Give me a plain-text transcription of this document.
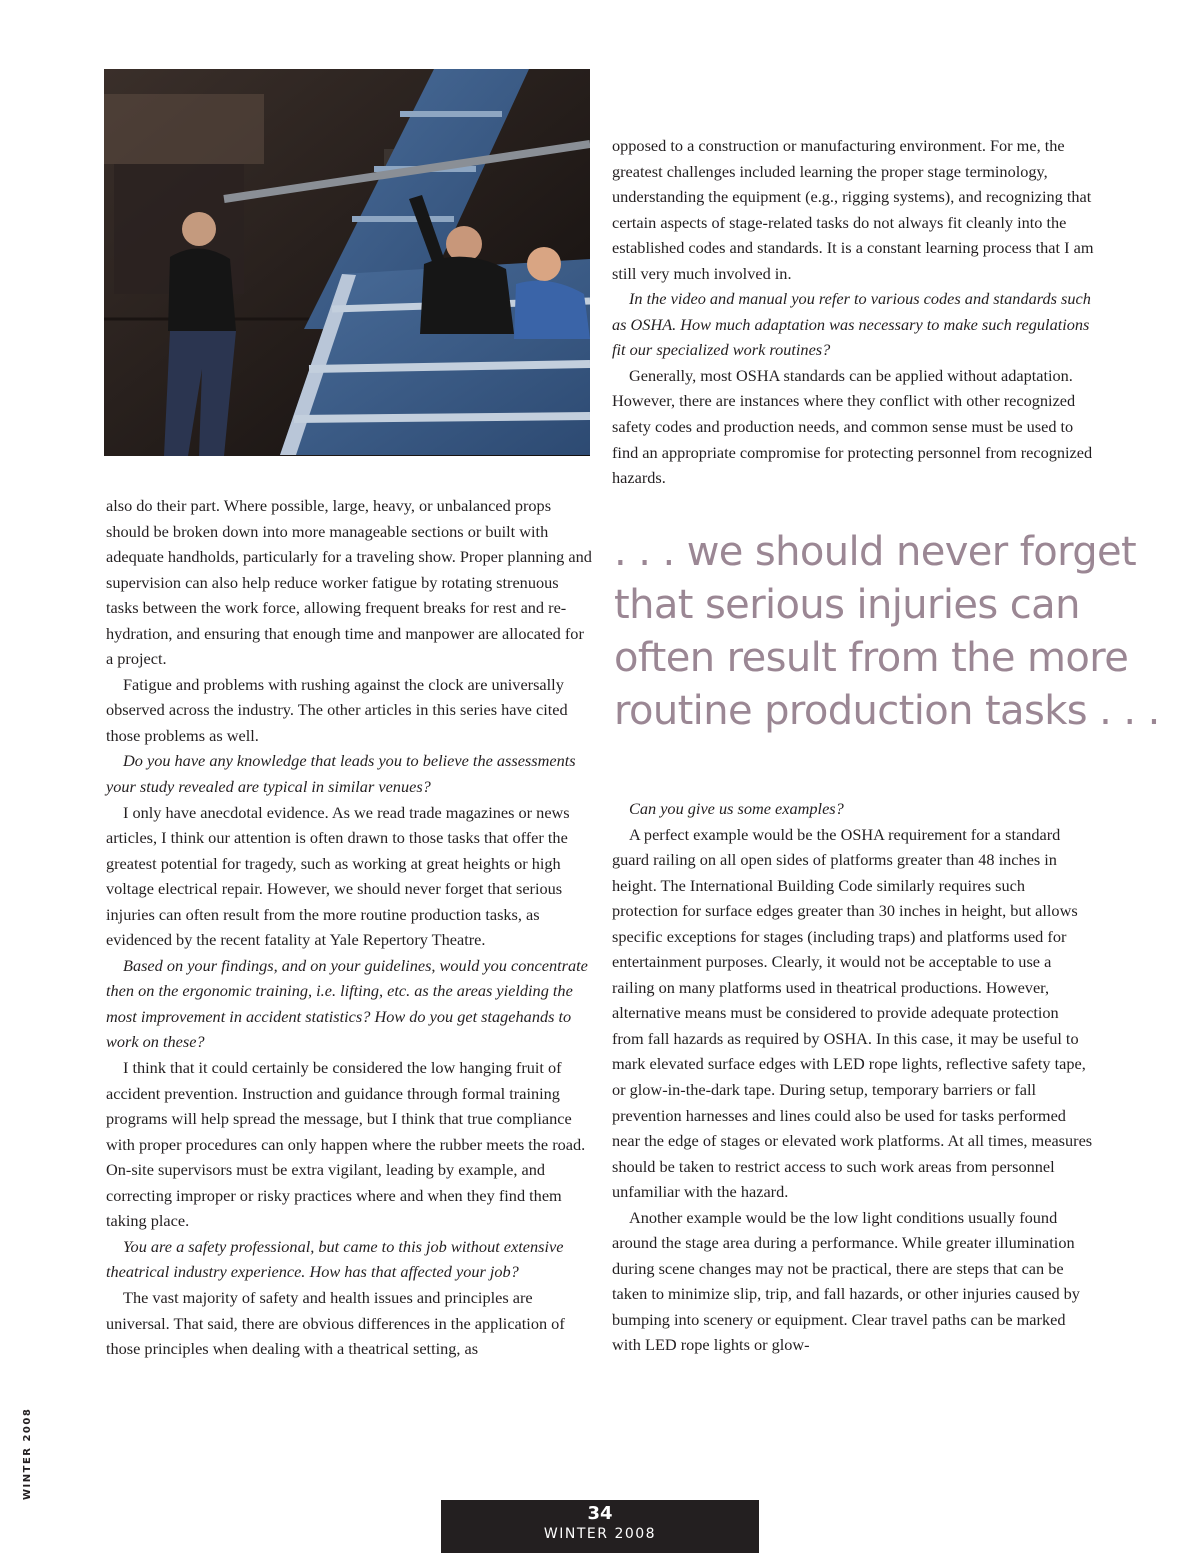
also do their part. Where possible, large, heavy, or unbalanced props should be broken down into more manageable sections or built with adequate handholds, particularly for a traveling show. Proper planning and supervision can also help reduce worker fatigue by rotating strenuous tasks between the work force, allowing frequent breaks for rest and re-hydration, and ensuring that enough time and manpower are allocated for a project.

Fatigue and problems with rushing against the clock are universally observed across the industry. The other articles in this series have cited those problems as well.

Do you have any knowledge that leads you to believe the assessments your study revealed are typical in similar venues?

I only have anecdotal evidence. As we read trade magazines or news articles, I think our attention is often drawn to those tasks that offer the greatest potential for tragedy, such as working at great heights or high voltage electrical repair. However, we should never forget that serious injuries can often result from the more routine production tasks, as evidenced by the recent fatality at Yale Repertory Theatre.

Based on your findings, and on your guidelines, would you concentrate then on the ergonomic training, i.e. lifting, etc. as the areas yielding the most improvement in accident statistics? How do you get stagehands to work on these?

I think that it could certainly be considered the low hanging fruit of accident prevention. Instruction and guidance through formal training programs will help spread the message, but I think that true compliance with proper procedures can only happen where the rubber meets the road. On-site supervisors must be extra vigilant, leading by example, and correcting improper or risky practices where and when they find them taking place.

You are a safety professional, but came to this job without extensive theatrical industry experience. How has that affected your job?

The vast majority of safety and health issues and principles are universal. That said, there are obvious differences in the application of those principles when dealing with a theatrical setting, as

opposed to a construction or manufacturing environment. For me, the greatest challenges included learning the proper stage terminology, understanding the equipment (e.g., rigging systems), and recognizing that certain aspects of stage-related tasks do not always fit cleanly into the established codes and standards. It is a constant learning process that I am still very much involved in.

In the video and manual you refer to various codes and standards such as OSHA. How much adaptation was necessary to make such regulations fit our specialized work routines?

Generally, most OSHA standards can be applied without adaptation. However, there are instances where they conflict with other recognized safety codes and production needs, and common sense must be used to find an appropriate compromise for protecting personnel from recognized hazards.

. . . we should never forget that serious injuries can often result from the more routine production tasks . . .

Can you give us some examples?

A perfect example would be the OSHA requirement for a standard guard railing on all open sides of platforms greater than 48 inches in height. The International Building Code similarly requires such protection for surface edges greater than 30 inches in height, but allows specific exceptions for stages (including traps) and platforms used for entertainment purposes. Clearly, it would not be acceptable to use a railing on many platforms used in theatrical productions. However, alternative means must be considered to provide adequate protection from fall hazards as required by OSHA. In this case, it may be useful to mark elevated surface edges with LED rope lights, reflective safety tape, or glow-in-the-dark tape. During setup, temporary barriers or fall prevention harnesses and lines could also be used for tasks performed near the edge of stages or elevated work platforms. At all times, measures should be taken to restrict access to such work areas from personnel unfamiliar with the hazard.

Another example would be the low light conditions usually found around the stage area during a performance. While greater illumination during scene changes may not be practical, there are steps that can be taken to minimize slip, trip, and fall hazards, or other injuries caused by bumping into scenery or equipment. Clear travel paths can be marked with LED rope lights or glow-

WINTER 2008
34
WINTER 2008
